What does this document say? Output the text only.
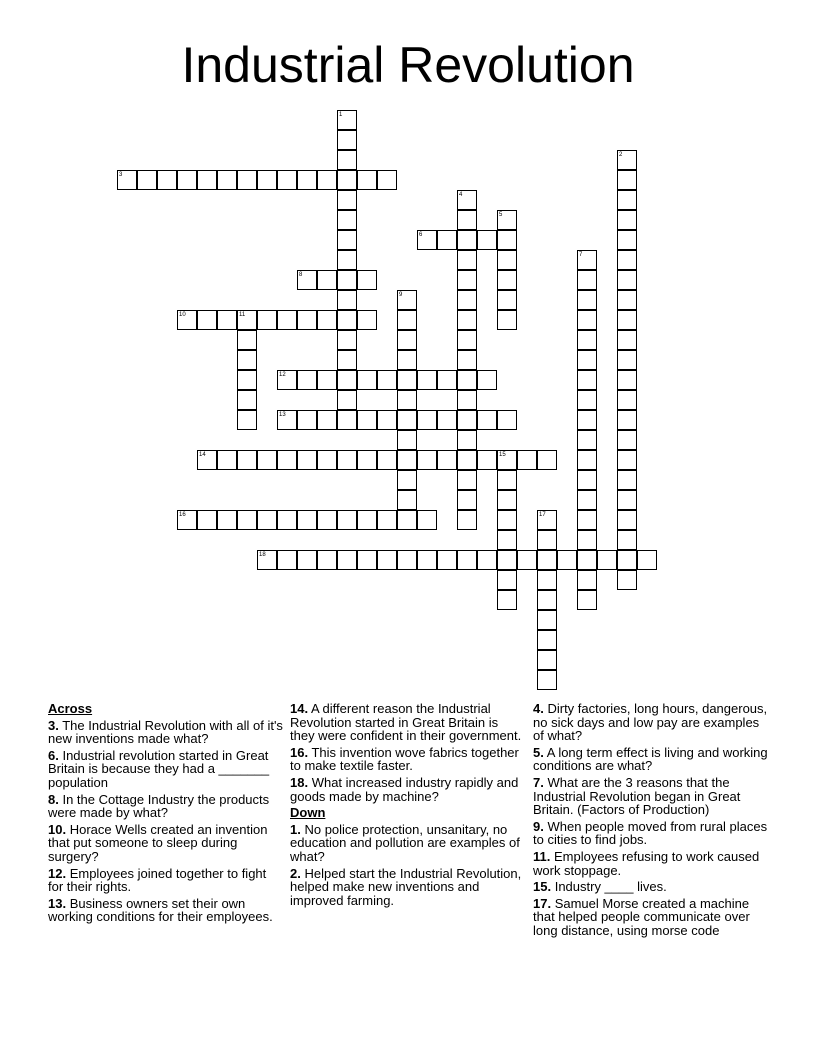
Industrial Revolution
1
2
3
4
5
6
7
8
9
10	11
12
13
14	15
16	17
18

Across

3. The Industrial Revolution with all of it's new inventions made what?

6. Industrial revolution started in Great Britain is because they had a _______ population

8. In the Cottage Industry the products were made by what?

10. Horace Wells created an invention that put someone to sleep during surgery?

12. Employees joined together to fight for their rights.

13. Business owners set their own working conditions for their employees.

14. A different reason the Industrial Revolution started in Great Britain is they were confident in their government.

16. This invention wove fabrics together to make textile faster.

18. What increased industry rapidly and goods made by machine?

Down

1. No police protection, unsanitary, no education and pollution are examples of what?

2. Helped start the Industrial Revolution, helped make new inventions and improved farming.

4. Dirty factories, long hours, dangerous, no sick days and low pay are examples of what?

5. A long term effect is living and working conditions are what?

7. What are the 3 reasons that the Industrial Revolution began in Great Britain. (Factors of Production)

9. When people moved from rural places to cities to find jobs.

11. Employees refusing to work caused work stoppage.

15. Industry ____ lives.

17. Samuel Morse created a machine that helped people communicate over long distance, using morse code
